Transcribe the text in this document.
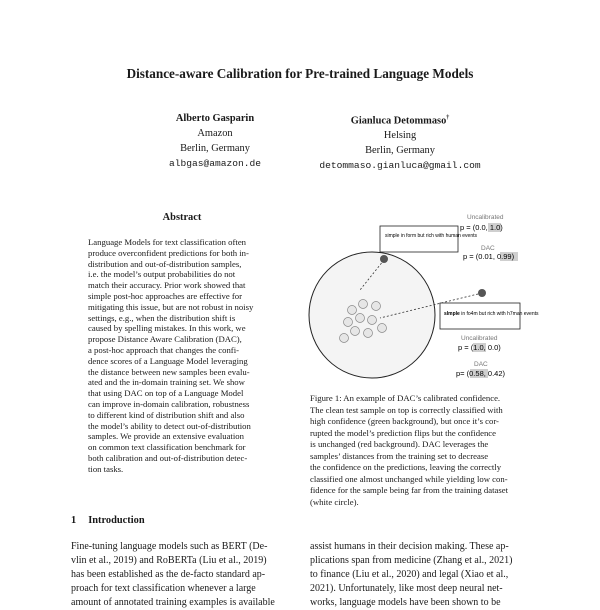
Distance-aware Calibration for Pre-trained Language Models
Alberto Gasparin
Amazon
Berlin, Germany
albgas@amazon.de
Gianluca Detommaso†
Helsing
Berlin, Germany
detommaso.gianluca@gmail.com
Abstract
Language Models for text classification often
produce overconfident predictions for both in-
distribution and out-of-distribution samples,
i.e. the model’s output probabilities do not
match their accuracy. Prior work showed that
simple post-hoc approaches are effective for
mitigating this issue, but are not robust in noisy
settings, e.g., when the distribution shift is
caused by spelling mistakes. In this work, we
propose Distance Aware Calibration (DAC),
a post-hoc approach that changes the confi-
dence scores of a Language Model leveraging
the distance between new samples been evalu-
ated and the in-domain training set. We show
that using DAC on top of a Language Model
can improve in-domain calibration, robustness
to different kind of distribution shift and also
the model’s ability to detect out-of-distribution
samples. We provide an extensive evaluation
on common text classification benchmark for
both calibration and out-of-distribution detec-
tion tasks.
simple in form but rich with human events
sImple in fo4m but rich with h7man events
Uncalibrated
p = (0.0, 1.0)
DAC
p = (0.01, 0.99)
Uncalibrated
p = (1.0, 0.0)
DAC
p= (0.58, 0.42)
Figure 1: An example of DAC’s calibrated confidence.
The clean test sample on top is correctly classified with
high confidence (green background), but once it’s cor-
rupted the model’s prediction flips but the confidence
is unchanged (red background). DAC leverages the
samples’ distances from the training set to decrease
the confidence on the predictions, leaving the correctly
classified one almost unchanged while yielding low con-
fidence for the sample being far from the training dataset
(white circle).
1 Introduction
Fine-tuning language models such as BERT (De-
vlin et al., 2019) and RoBERTa (Liu et al., 2019)
has been established as the de-facto standard ap-
proach for text classification whenever a large
amount of annotated training examples is available
assist humans in their decision making. These ap-
plications span from medicine (Zhang et al., 2021)
to finance (Liu et al., 2020) and legal (Xiao et al.,
2021). Unfortunately, like most deep neural net-
works, language models have been shown to be
